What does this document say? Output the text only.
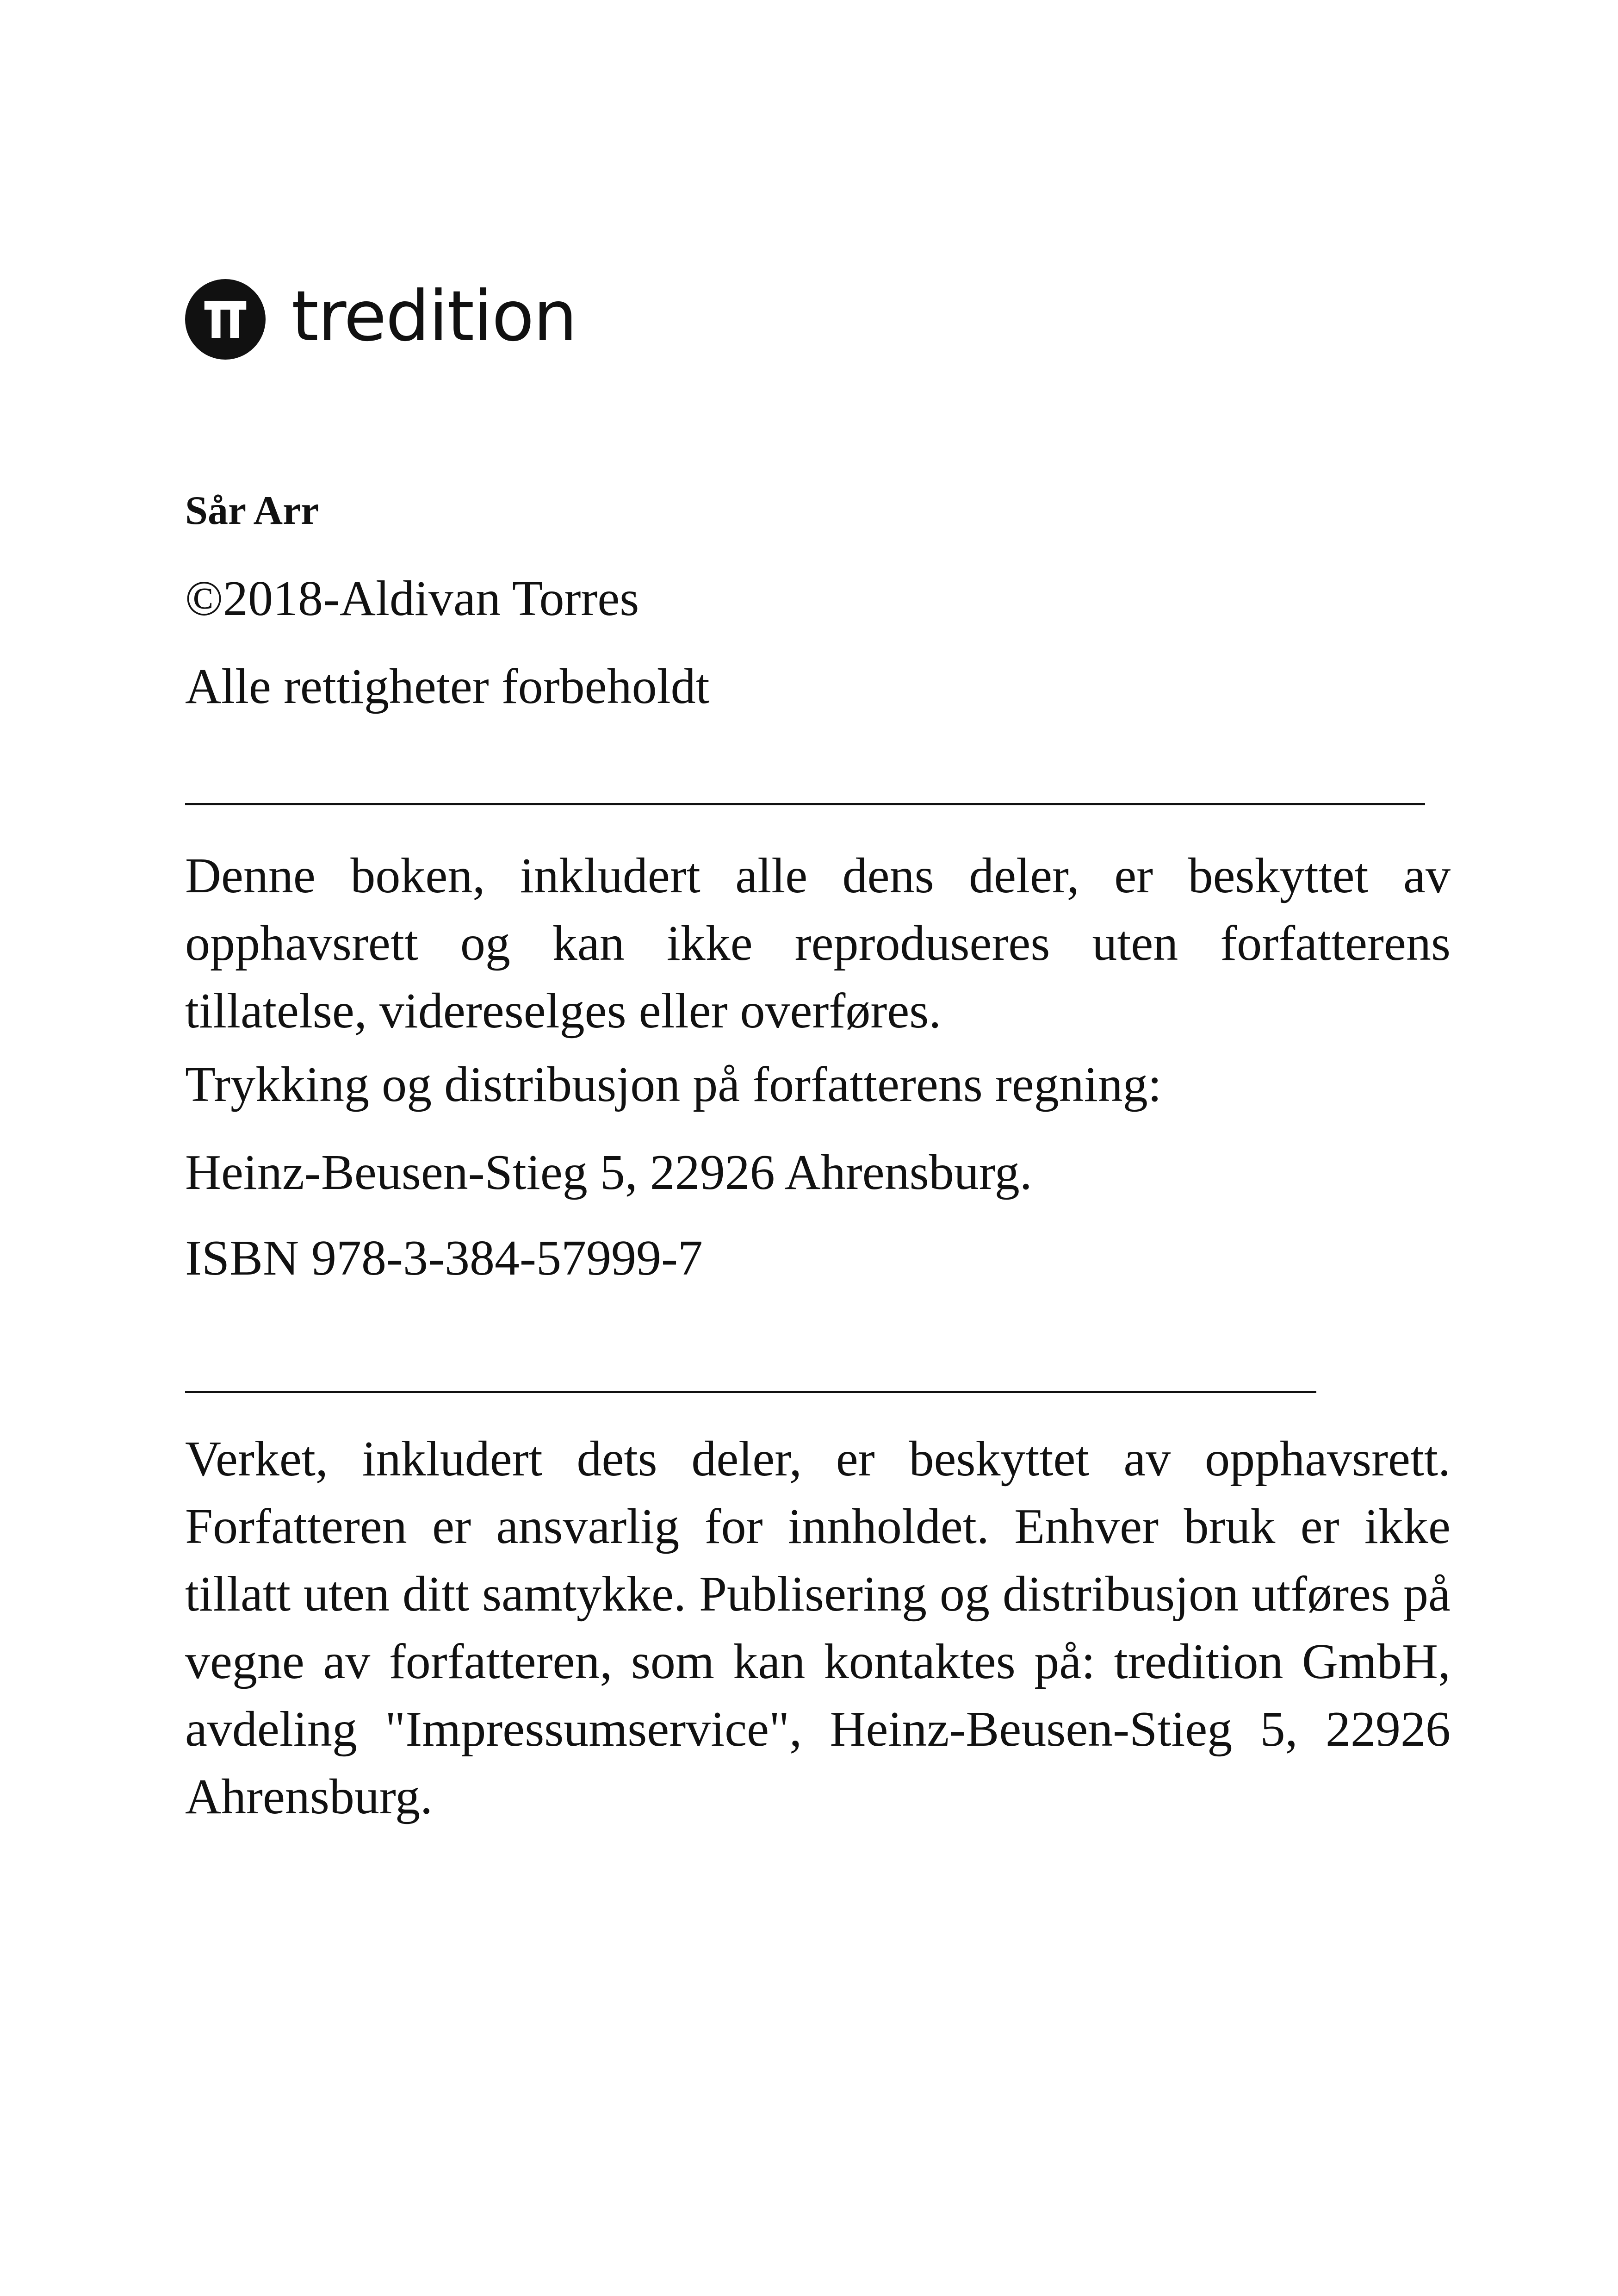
tredition

Sår Arr

©2018-Aldivan Torres

Alle rettigheter forbeholdt

Denne boken, inkludert alle dens deler, er beskyttet av opphavsrett og kan ikke reproduseres uten forfatterens tillatelse, videreselges eller overføres.

Trykking og distribusjon på forfatterens regning:

Heinz-Beusen-Stieg 5, 22926 Ahrensburg.

ISBN 978-3-384-57999-7

Verket, inkludert dets deler, er beskyttet av opphavsrett. Forfatteren er ansvarlig for innholdet. Enhver bruk er ikke tillatt uten ditt samtykke. Publisering og distribusjon utføres på vegne av forfatteren, som kan kontaktes på: tredition GmbH, avdeling "Impressumservice", Heinz-Beusen-Stieg 5, 22926 Ahrensburg.
